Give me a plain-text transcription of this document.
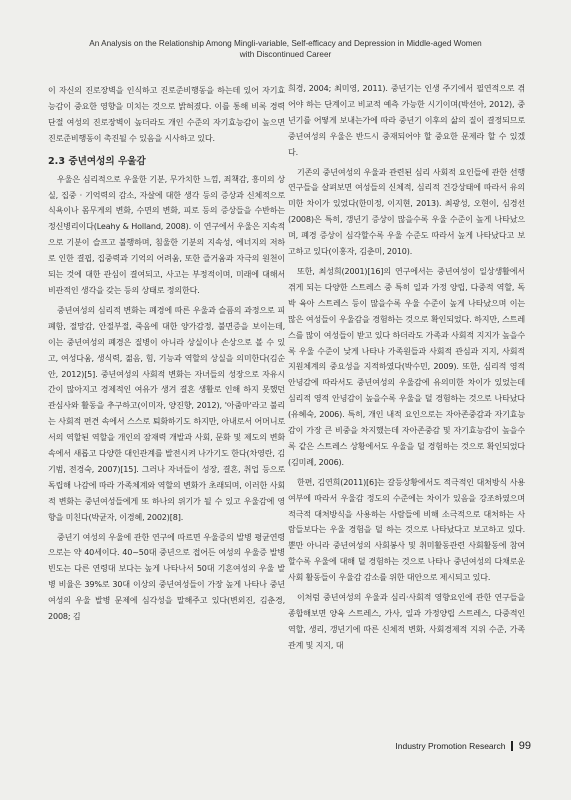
An Analysis on the Relationship Among Mingli-variable, Self-efficacy and Depression in Middle-aged Women
with Discontinued Career

이 자신의 진로장벽을 인식하고 진로준비행동을 하는데 있어 자기효능감이 중요한 영향을 미치는 것으로 밝혀졌다. 이를 통해 비록 경력단절 여성의 진로장벽이 높더라도 개인 수준의 자기효능감이 높으면 진로준비행동이 촉진될 수 있음을 시사하고 있다.

2.3 중년여성의 우울감

우울은 심리적으로 우울한 기분, 무가치한 느낌, 죄책감, 흥미의 상실, 집중 · 기억력의 감소, 자살에 대한 생각 등의 증상과 신체적으로 식욕이나 몸무게의 변화, 수면의 변화, 피로 등의 증상들을 수반하는 정신병리이다(Leahy & Holland, 2008). 이 연구에서 우울은 지속적으로 기분이 슬프고 불행하며, 침울한 기분의 지속성, 에너지의 저하로 인한 결핍, 집중력과 기억의 어려움, 또한 즐거움과 자극의 원천이 되는 것에 대한 관심이 결여되고, 사고는 부정적이며, 미래에 대해서 비관적인 생각을 갖는 등의 상태로 정의한다.

중년여성의 심리적 변화는 폐경에 따른 우울과 슬픔의 과정으로 피폐함, 절망감, 안절부절, 죽음에 대한 양가감정, 불면증을 보이는데, 이는 중년여성의 폐경은 질병이 아니라 상실이나 손상으로 볼 수 있고, 여성다움, 생식력, 젊음, 힘, 기능과 역할의 상실을 의미한다(김순안, 2012)[5]. 중년여성의 사회적 변화는 자녀들의 성장으로 자유시간이 많아지고 경제적인 여유가 생겨 결혼 생활로 인해 하지 못했던 관심사와 활동을 추구하고(이미자, 양진향, 2012), '아줌마'라고 불리는 사회적 편견 속에서 스스로 퇴화하기도 하지만, 아내로서 어머니로서의 역할된 역할을 개인의 잠재력 개발과 사회, 문화 및 제도의 변화 속에서 새롭고 다양한 대인관계를 발전시켜 나가기도 한다(차영란, 김기범, 전경숙, 2007)[15]. 그러나 자녀들이 성장, 결혼, 취업 등으로 독립해 나감에 따라 가족체계와 역할의 변화가 초래되며, 이러한 사회적 변화는 중년여성들에게 또 하나의 위기가 될 수 있고 우울감에 영향을 미친다(박균자, 이경혜, 2002)[8].

중년기 여성의 우울에 관한 연구에 따르면 우울증의 발병 평균연령으로는 약 40세이다. 40~50대 중년으로 접어든 여성의 우울증 발병 빈도는 다른 연령대 보다는 높게 나타나서 50대 기혼여성의 우울 발병 비율은 39%로 30대 이상의 중년여성들이 가장 높게 나타나 중년여성의 우울 발병 문제에 심각성을 말해주고 있다(변외진, 김춘경, 2008; 김

희경, 2004; 최미영, 2011). 중년기는 인생 주기에서 필연적으로 겪어야 하는 단계이고 비교적 예측 가능한 시기이며(박선아, 2012), 중년기를 어떻게 보내는가에 따라 중년기 이후의 삶의 질이 결정되므로 중년여성의 우울은 반드시 중재되어야 할 중요한 문제라 할 수 있겠다.

기존의 중년여성의 우울과 관련된 심리 사회적 요인들에 관한 선행연구들을 살펴보면 여성들의 신체적, 심리적 건강상태에 따라서 유의미한 차이가 있었다(한미정, 이지현, 2013). 최광성, 오현이, 심경선(2008)은 특히, 갱년기 증상이 많을수록 우울 수준이 높게 나타났으며, 폐경 증상이 심각할수록 우울 수준도 따라서 높게 나타났다고 보고하고 있다(이홍자, 김춘미, 2010).

또한, 최성희(2001)[16]의 연구에서는 중년여성이 일상생활에서 겪게 되는 다양한 스트레스 중 특히 일과 가정 양립, 다중적 역할, 독박 육아 스트레스 등이 많을수록 우울 수준이 높게 나타났으며 이는 많은 여성들이 우울감을 경험하는 것으로 확인되었다. 하지만, 스트레스를 많이 여성들이 받고 있다 하더라도 가족과 사회적 지지가 높을수록 우울 수준이 낮게 나타나 가족원들과 사회적 관심과 지지, 사회적 지원체계의 중요성을 지적하였다(박수민, 2009). 또한, 심리적 영적 안녕감에 따라서도 중년여성의 우울감에 유의미한 차이가 있었는데 심리적 영적 안녕감이 높을수록 우울을 덜 경험하는 것으로 나타났다(유혜숙, 2006). 특히, 개인 내적 요인으로는 자아존중감과 자기효능감이 가장 큰 비중을 차지했는데 자아존중감 및 자기효능감이 높을수록 같은 스트레스 상황에서도 우울을 덜 경험하는 것으로 확인되었다(김미례, 2006).

한편, 김연희(2011)[6]는 갈등상황에서도 적극적인 대처방식 사용여부에 따라서 우울감 정도의 수준에는 차이가 있음을 강조하였으며 적극적 대처방식을 사용하는 사람들에 비해 소극적으로 대처하는 사람들보다는 우울 경험을 덜 하는 것으로 나타났다고 보고하고 있다. 뿐만 아니라 중년여성의 사회봉사 및 취미활동관련 사회활동에 참여할수록 우울에 대해 덜 경험하는 것으로 나타나 중년여성의 다채로운 사회 활동들이 우울감 감소를 위한 대안으로 제시되고 있다.

이처럼 중년여성의 우울과 심리·사회적 영향요인에 관한 연구들을 종합해보면 양육 스트레스, 가사, 일과 가정양립 스트레스, 다중적인 역할, 생리, 갱년기에 따른 신체적 변화, 사회경제적 지위 수준, 가족관계 및 지지, 대

Industry Promotion Research 99
